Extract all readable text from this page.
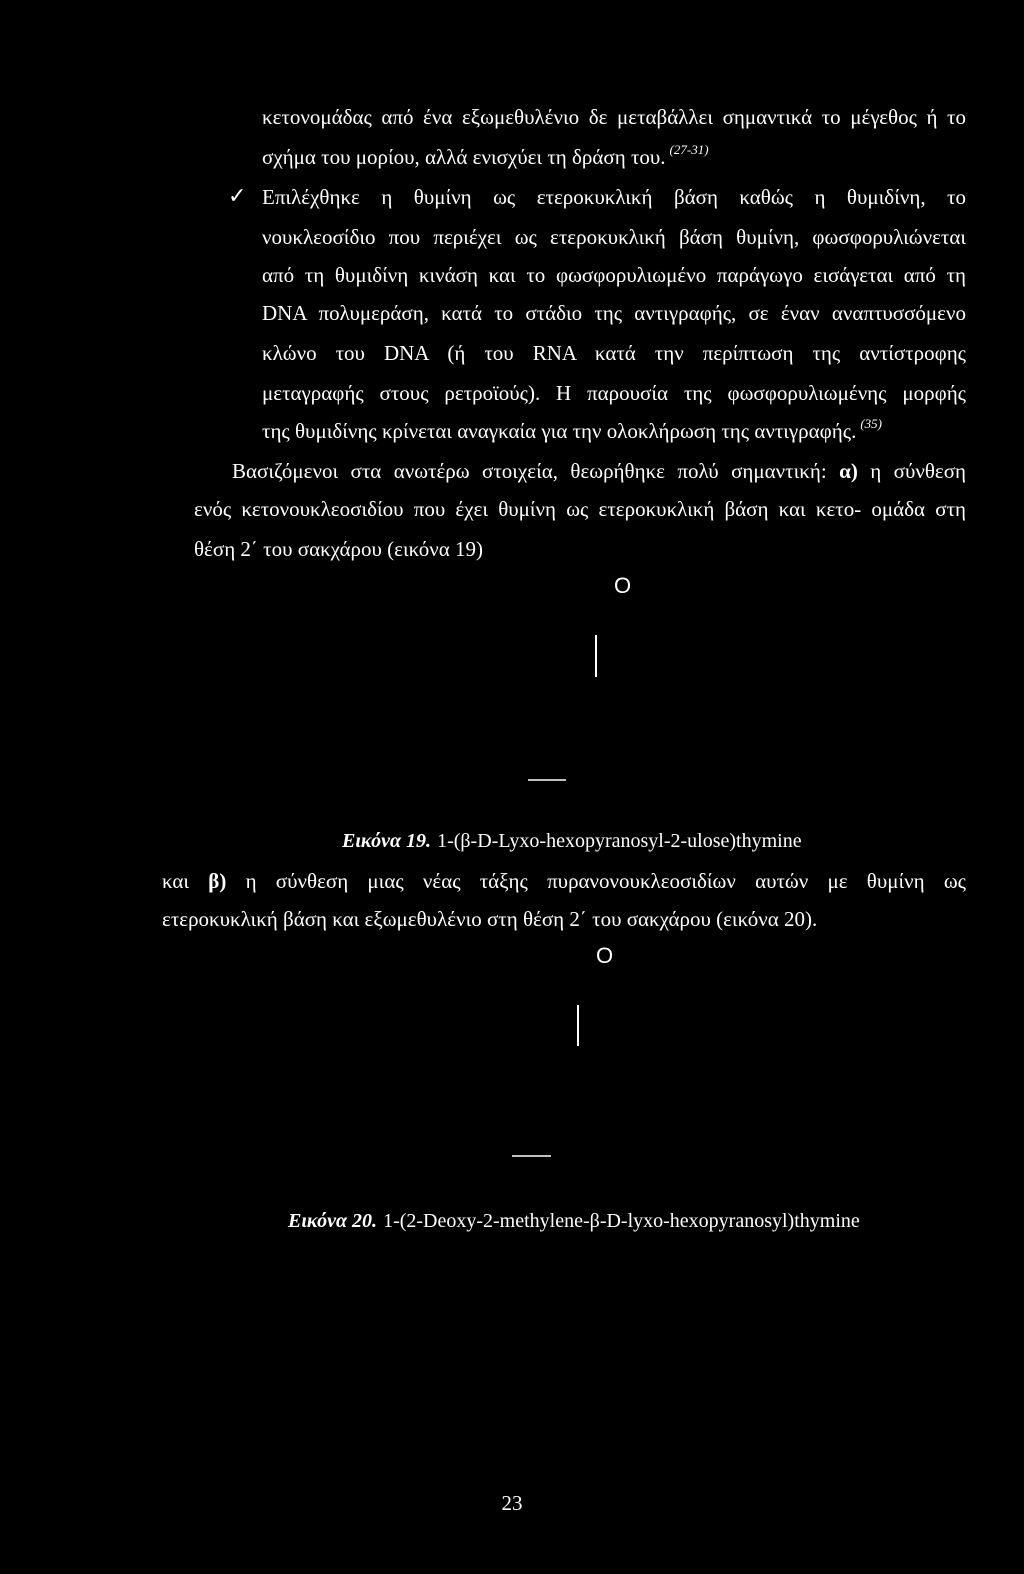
κετονομάδας από ένα εξωμεθυλένιο δε μεταβάλλει σημαντικά το μέγεθος ή το
σχήμα του μορίου, αλλά ενισχύει τη δράση του. $^{(27-31)}$
✓ Επιλέχθηκε η θυμίνη ως ετεροκυκλική βάση καθώς η θυμιδίνη, το
νουκλεοσίδιο που περιέχει ως ετεροκυκλική βάση θυμίνη, φωσφορυλιώνεται
από τη θυμιδίνη κινάση και το φωσφορυλιωμένο παράγωγο εισάγεται από τη
DNA πολυμεράση, κατά το στάδιο της αντιγραφής, σε έναν αναπτυσσόμενο
κλώνο του DNA (ή του RNA κατά την περίπτωση της αντίστροφης
μεταγραφής στους ρετροϊούς). Η παρουσία της φωσφορυλιωμένης μορφής
της θυμιδίνης κρίνεται αναγκαία για την ολοκλήρωση της αντιγραφής. $^{(35)}$
Βασιζόμενοι στα ανωτέρω στοιχεία, θεωρήθηκε πολύ σημαντική: α) η σύνθεση
ενός κετονουκλεοσιδίου που έχει θυμίνη ως ετεροκυκλική βάση και κετο- ομάδα στη
θέση 2΄ του σακχάρου (εικόνα 19)
O
Εικόνα 19. 1-(β-D-Lyxo-hexopyranosyl-2-ulose)thymine
και β) η σύνθεση μιας νέας τάξης πυρανονουκλεοσιδίων αυτών με θυμίνη ως
ετεροκυκλική βάση και εξωμεθυλένιο στη θέση 2΄ του σακχάρου (εικόνα 20).
O
Εικόνα 20. 1-(2-Deoxy-2-methylene-β-D-lyxo-hexopyranosyl)thymine
23
